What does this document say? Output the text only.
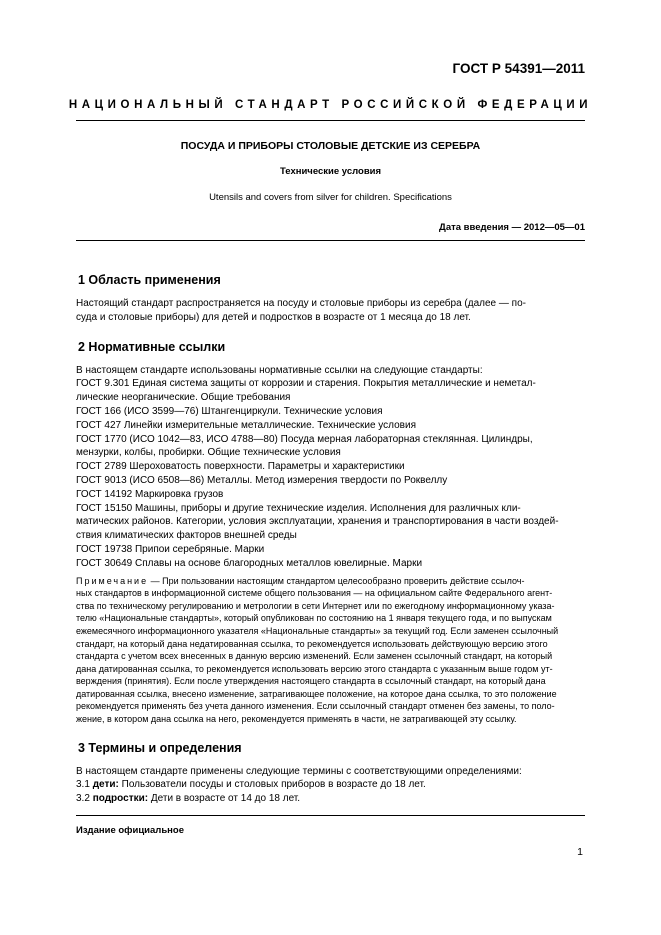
ГОСТ Р 54391—2011
НАЦИОНАЛЬНЫЙ СТАНДАРТ РОССИЙСКОЙ ФЕДЕРАЦИИ
ПОСУДА И ПРИБОРЫ СТОЛОВЫЕ ДЕТСКИЕ ИЗ СЕРЕБРА
Технические условия
Utensils and covers from silver for children. Specifications
Дата введения — 2012—05—01
1 Область применения
Настоящий стандарт распространяется на посуду и столовые приборы из серебра (далее — по-
суда и столовые приборы) для детей и подростков в возрасте от 1 месяца до 18 лет.
2 Нормативные ссылки
В настоящем стандарте использованы нормативные ссылки на следующие стандарты:
ГОСТ 9.301 Единая система защиты от коррозии и старения. Покрытия металлические и неметал-
лические неорганические. Общие требования
ГОСТ 166 (ИСО 3599—76) Штангенциркули. Технические условия
ГОСТ 427 Линейки измерительные металлические. Технические условия
ГОСТ 1770 (ИСО 1042—83, ИСО 4788—80) Посуда мерная лабораторная стеклянная. Цилиндры,
мензурки, колбы, пробирки. Общие технические условия
ГОСТ 2789 Шероховатость поверхности. Параметры и характеристики
ГОСТ 9013 (ИСО 6508—86) Металлы. Метод измерения твердости по Роквеллу
ГОСТ 14192 Маркировка грузов
ГОСТ 15150 Машины, приборы и другие технические изделия. Исполнения для различных кли-
матических районов. Категории, условия эксплуатации, хранения и транспортирования в части воздей-
ствия климатических факторов внешней среды
ГОСТ 19738 Припои серебряные. Марки
ГОСТ 30649 Сплавы на основе благородных металлов ювелирные. Марки
Примечание — При пользовании настоящим стандартом целесообразно проверить действие ссылоч-
ных стандартов в информационной системе общего пользования — на официальном сайте Федерального агент-
ства по техническому регулированию и метрологии в сети Интернет или по ежегодному информационному указа-
телю «Национальные стандарты», который опубликован по состоянию на 1 января текущего года, и по выпускам
ежемесячного информационного указателя «Национальные стандарты» за текущий год. Если заменен ссылочный
стандарт, на который дана недатированная ссылка, то рекомендуется использовать действующую версию этого
стандарта с учетом всех внесенных в данную версию изменений. Если заменен ссылочный стандарт, на который
дана датированная ссылка, то рекомендуется использовать версию этого стандарта с указанным выше годом ут-
верждения (принятия). Если после утверждения настоящего стандарта в ссылочный стандарт, на который дана
датированная ссылка, внесено изменение, затрагивающее положение, на которое дана ссылка, то это положение
рекомендуется применять без учета данного изменения. Если ссылочный стандарт отменен без замены, то поло-
жение, в котором дана ссылка на него, рекомендуется применять в части, не затрагивающей эту ссылку.
3 Термины и определения
В настоящем стандарте применены следующие термины с соответствующими определениями:
3.1 дети: Пользователи посуды и столовых приборов в возрасте до 18 лет.
3.2 подростки: Дети в возрасте от 14 до 18 лет.
Издание официальное
1
